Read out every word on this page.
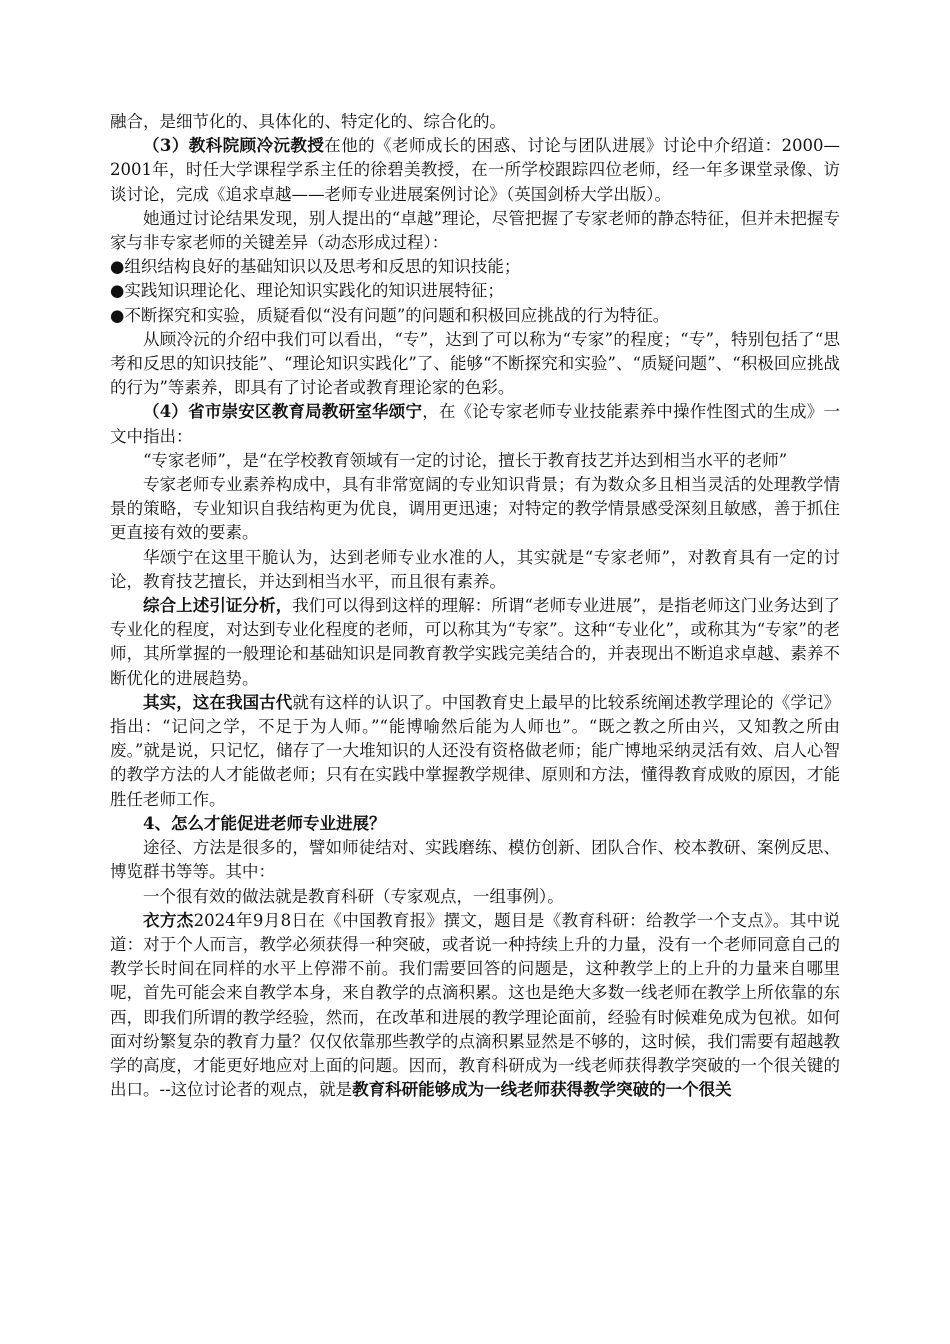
融合，是细节化的、具体化的、特定化的、综合化的。

（3）教科院顾冷沅教授在他的《老师成长的困惑、讨论与团队进展》讨论中介绍道：2000—2001年，时任大学课程学系主任的徐碧美教授，在一所学校跟踪四位老师，经一年多课堂录像、访谈讨论，完成《追求卓越——老师专业进展案例讨论》（英国剑桥大学出版）。

她通过讨论结果发现，别人提出的“卓越”理论，尽管把握了专家老师的静态特征，但并未把握专家与非专家老师的关键差异（动态形成过程）：

●组织结构良好的基础知识以及思考和反思的知识技能；

●实践知识理论化、理论知识实践化的知识进展特征；

●不断探究和实验，质疑看似“没有问题”的问题和积极回应挑战的行为特征。

从顾冷沅的介绍中我们可以看出，“专”，达到了可以称为“专家”的程度；“专”，特别包括了“思考和反思的知识技能”、“理论知识实践化”了、能够“不断探究和实验”、“质疑问题”、“积极回应挑战的行为”等素养，即具有了讨论者或教育理论家的色彩。

（4）省市崇安区教育局教研室华颂宁，在《论专家老师专业技能素养中操作性图式的生成》一文中指出：

“专家老师”，是“在学校教育领域有一定的讨论，擅长于教育技艺并达到相当水平的老师”

专家老师专业素养构成中，具有非常宽阔的专业知识背景；有为数众多且相当灵活的处理教学情景的策略，专业知识自我结构更为优良，调用更迅速；对特定的教学情景感受深刻且敏感，善于抓住更直接有效的要素。

华颂宁在这里干脆认为，达到老师专业水准的人，其实就是“专家老师”，对教育具有一定的讨论，教育技艺擅长，并达到相当水平，而且很有素养。

综合上述引证分析，我们可以得到这样的理解：所谓“老师专业进展”，是指老师这门业务达到了专业化的程度，对达到专业化程度的老师，可以称其为“专家”。这种“专业化”，或称其为“专家”的老师，其所掌握的一般理论和基础知识是同教育教学实践完美结合的，并表现出不断追求卓越、素养不断优化的进展趋势。

其实，这在我国古代就有这样的认识了。中国教育史上最早的比较系统阐述教学理论的《学记》指出：“记问之学，不足于为人师。”“能博喻然后能为人师也”。“既之教之所由兴，又知教之所由废。”就是说，只记忆，储存了一大堆知识的人还没有资格做老师；能广博地采纳灵活有效、启人心智的教学方法的人才能做老师；只有在实践中掌握教学规律、原则和方法，懂得教育成败的原因，才能胜任老师工作。

4、怎么才能促进老师专业进展？

途径、方法是很多的，譬如师徒结对、实践磨练、模仿创新、团队合作、校本教研、案例反思、博览群书等等。其中：

一个很有效的做法就是教育科研（专家观点，一组事例）。

衣方杰2024年9月8日在《中国教育报》撰文，题目是《教育科研：给教学一个支点》。其中说道：对于个人而言，教学必须获得一种突破，或者说一种持续上升的力量，没有一个老师同意自己的教学长时间在同样的水平上停滞不前。我们需要回答的问题是，这种教学上的上升的力量来自哪里呢，首先可能会来自教学本身，来自教学的点滴积累。这也是绝大多数一线老师在教学上所依靠的东西，即我们所谓的教学经验，然而，在改革和进展的教学理论面前，经验有时候难免成为包袱。如何面对纷繁复杂的教育力量？仅仅依靠那些教学的点滴积累显然是不够的，这时候，我们需要有超越教学的高度，才能更好地应对上面的问题。因而，教育科研成为一线老师获得教学突破的一个很关键的出口。--这位讨论者的观点，就是教育科研能够成为一线老师获得教学突破的一个很关
